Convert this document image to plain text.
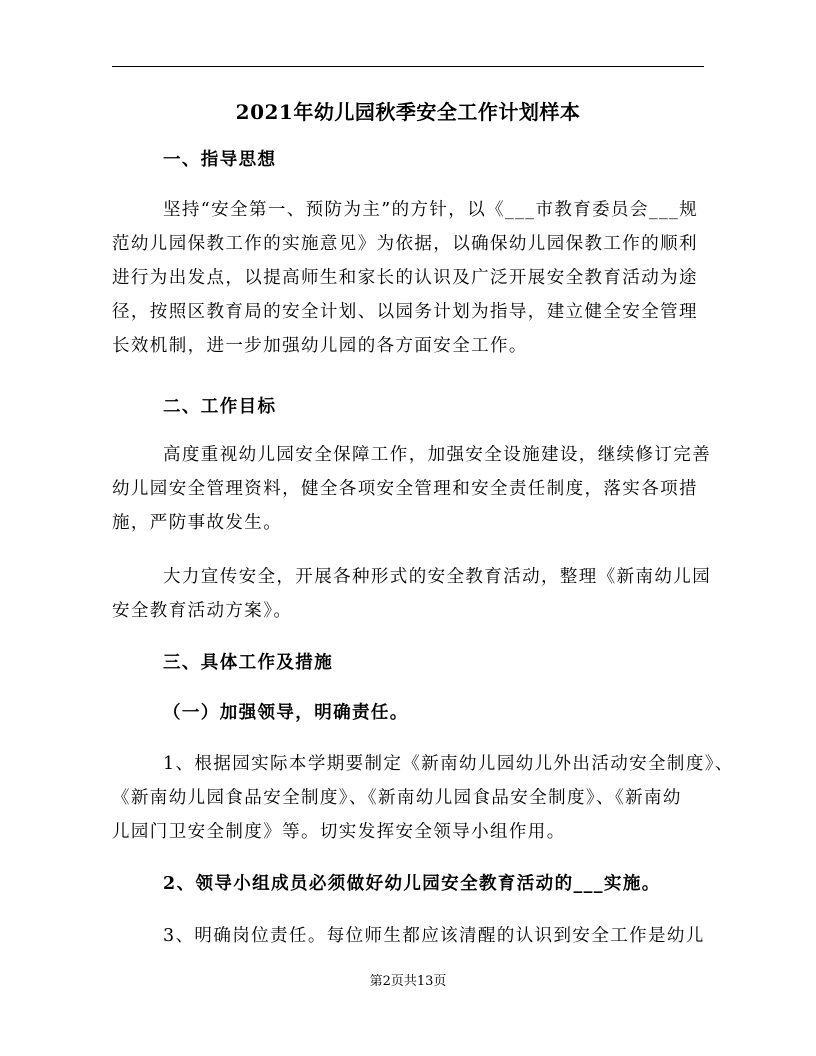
2021年幼儿园秋季安全工作计划样本
一、指导思想
坚持“安全第一、预防为主”的方针，以《___市教育委员会___规
范幼儿园保教工作的实施意见》为依据，以确保幼儿园保教工作的顺利
进行为出发点，以提高师生和家长的认识及广泛开展安全教育活动为途
径，按照区教育局的安全计划、以园务计划为指导，建立健全安全管理
长效机制，进一步加强幼儿园的各方面安全工作。
二、工作目标
高度重视幼儿园安全保障工作，加强安全设施建设，继续修订完善
幼儿园安全管理资料，健全各项安全管理和安全责任制度，落实各项措
施，严防事故发生。
大力宣传安全，开展各种形式的安全教育活动，整理《新南幼儿园
安全教育活动方案》。
三、具体工作及措施
（一）加强领导，明确责任。
1、根据园实际本学期要制定《新南幼儿园幼儿外出活动安全制度》、
《新南幼儿园食品安全制度》、《新南幼儿园食品安全制度》、《新南幼
儿园门卫安全制度》等。切实发挥安全领导小组作用。
2、领导小组成员必须做好幼儿园安全教育活动的___实施。
3、明确岗位责任。每位师生都应该清醒的认识到安全工作是幼儿
第2页共13页
